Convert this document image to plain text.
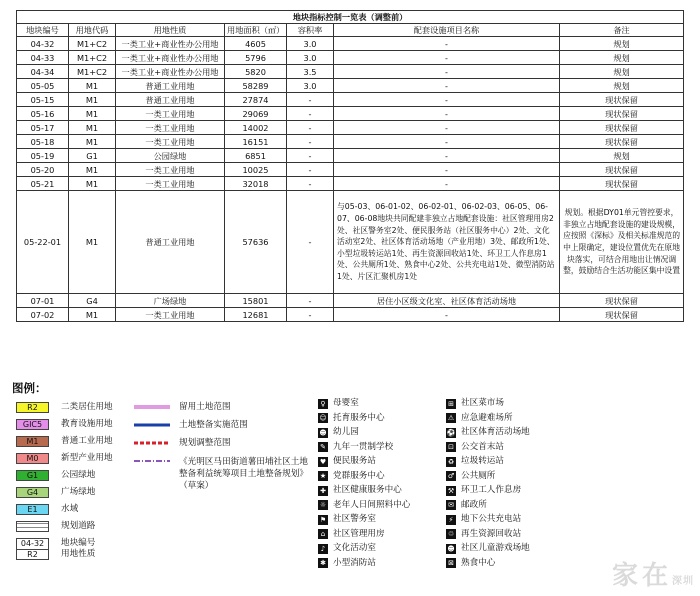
地块指标控制一览表（调整前）						
地块编号	用地代码	用地性质	用地面积（㎡）	容积率	配套设施项目名称	备注
04-32	M1+C2	一类工业+商业性办公用地	4605	3.0	-	规划
04-33	M1+C2	一类工业+商业性办公用地	5796	3.0	-	规划
04-34	M1+C2	一类工业+商业性办公用地	5820	3.5	-	规划
05-05	M1	普通工业用地	58289	3.0	-	规划
05-15	M1	普通工业用地	27874	-	-	现状保留
05-16	M1	一类工业用地	29069	-	-	现状保留
05-17	M1	一类工业用地	14002	-	-	现状保留
05-18	M1	一类工业用地	16151	-	-	现状保留
05-19	G1	公园绿地	6851	-	-	规划
05-20	M1	一类工业用地	10025	-	-	现状保留
05-21	M1	一类工业用地	32018	-	-	现状保留
05-22-01	M1	普通工业用地	57636	-	与05-03、06-01-02、06-02-01、06-02-03、06-05、06-07、06-08地块共同配建非独立占地配套设施：社区管理用房2处、社区警务室2处、便民服务站（社区服务中心）2处、文化活动室2处、社区体育活动场地（产业用地）3处、邮政所1处、小型垃圾转运站1处、再生资源回收站1处、环卫工人作息房1处、公共厕所1处、熟食中心2处、公共充电站1处、微型消防站1处、片区汇聚机房1处	规划。根据DY01单元管控要求，非独立占地配套设施的建设规模，应按照《深标》及相关标准规范的中上限确定，建设位置优先在原地块落实，可结合用地出让情况调整，鼓励结合生活功能区集中设置
07-01	G4	广场绿地	15801	-	居住小区级文化室、社区体育活动场地	现状保留
07-02	M1	一类工业用地	12681	-	-	现状保留
图例：
R2	二类居住用地
GIC5	教育设施用地
M1	普通工业用地
M0	新型产业用地
G1	公园绿地
G4	广场绿地
E1	水域
规划道路
04-32
R2
地块编号
用地性质
留用土地范围
土地整备实施范围
规划调整范围
《光明区马田街道薯田埔社区土地整备利益统筹项目土地整备规划》（草案）
♀ 母婴室
☺ 托育服务中心
☻ 幼儿园
✎ 九年一贯制学校
♥ 便民服务站
★ 党群服务中心
✚ 社区健康服务中心
☼ 老年人日间照料中心
⚑ 社区警务室
⌂ 社区管理用房
♪ 文化活动室
✱ 小型消防站
⊞ 社区菜市场
⚠ 应急避难场所
⚽ 社区体育活动场地
⊡ 公交首末站
♻ 垃圾转运站
♂ 公共厕所
⚒ 环卫工人作息房
✉ 邮政所
⚡ 地下公共充电站
♲ 再生资源回收站
☻ 社区儿童游戏场地
⊠ 熟食中心	家在深圳
